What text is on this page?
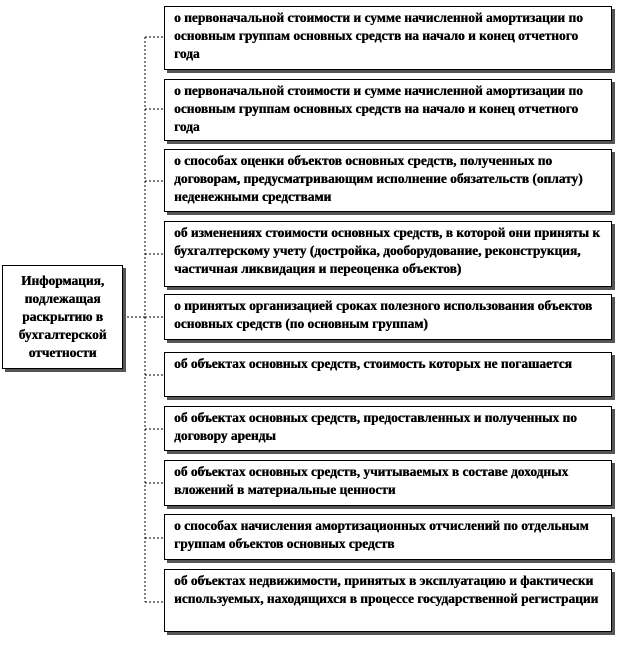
Информация, подлежащая раскрытию в бухгалтерской отчетности
о первоначальной стоимости и сумме начисленной амортизации по основным группам основных средств на начало и конец отчетного года
о первоначальной стоимости и сумме начисленной амортизации по основным группам основных средств на начало и конец отчетного года
о способах оценки объектов основных средств, полученных по договорам, предусматривающим исполнение обязательств (оплату) неденежными средствами
об изменениях стоимости основных средств, в которой они приняты к бухгалтерскому учету (достройка, дооборудование, реконструкция, частичная ликвидация и переоценка объектов)
о принятых организацией сроках полезного использования объектов основных средств (по основным группам)
об объектах основных средств, стоимость которых не погашается
об объектах основных средств, предоставленных и полученных по договору аренды
об объектах основных средств, учитываемых в составе доходных вложений в материальные ценности
о способах начисления амортизационных отчислений по отдельным группам объектов основных средств
об объектах недвижимости, принятых в эксплуатацию и фактически используемых, находящихся в процессе государственной регистрации
